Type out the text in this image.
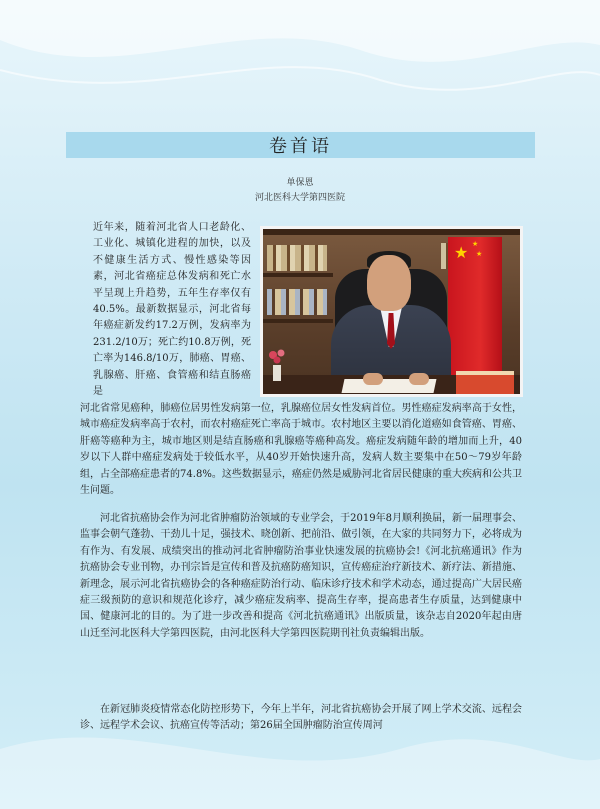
卷首语
单保恩
河北医科大学第四医院
★ ★
★

近年来，随着河北省人口老龄化、工业化、城镇化进程的加快，以及不健康生活方式、慢性感染等因素，河北省癌症总体发病和死亡水平呈现上升趋势，五年生存率仅有40.5%。最新数据显示，河北省每年癌症新发约17.2万例，发病率为231.2/10万；死亡约10.8万例，死亡率为146.8/10万，肺癌、胃癌、乳腺癌、肝癌、食管癌和结直肠癌是

河北省常见癌种，肺癌位居男性发病第一位，乳腺癌位居女性发病首位。男性癌症发病率高于女性，城市癌症发病率高于农村，而农村癌症死亡率高于城市。农村地区主要以消化道癌如食管癌、胃癌、肝癌等癌种为主，城市地区则是结直肠癌和乳腺癌等癌种高发。癌症发病随年龄的增加而上升，40岁以下人群中癌症发病处于较低水平，从40岁开始快速升高，发病人数主要集中在50～79岁年龄组，占全部癌症患者的74.8%。这些数据显示，癌症仍然是威胁河北省居民健康的重大疾病和公共卫生问题。

河北省抗癌协会作为河北省肿瘤防治领域的专业学会，于2019年8月顺利换届，新一届理事会、监事会朝气蓬勃、干劲儿十足，强技术、晓创新、把前沿、做引领，在大家的共同努力下，必将成为有作为、有发展、成绩突出的推动河北省肿瘤防治事业快速发展的抗癌协会!《河北抗癌通讯》作为抗癌协会专业刊物，办刊宗旨是宣传和普及抗癌防癌知识，宣传癌症治疗新技术、新疗法、新措施、新理念，展示河北省抗癌协会的各种癌症防治行动、临床诊疗技术和学术动态，通过提高广大居民癌症三级预防的意识和规范化诊疗，减少癌症发病率、提高生存率，提高患者生存质量，达到健康中国、健康河北的目的。为了进一步改善和提高《河北抗癌通讯》出版质量，该杂志自2020年起由唐山迁至河北医科大学第四医院，由河北医科大学第四医院期刊社负责编辑出版。

在新冠肺炎疫情常态化防控形势下，今年上半年，河北省抗癌协会开展了网上学术交流、远程会诊、远程学术会议、抗癌宣传等活动；第26届全国肿瘤防治宣传周河
